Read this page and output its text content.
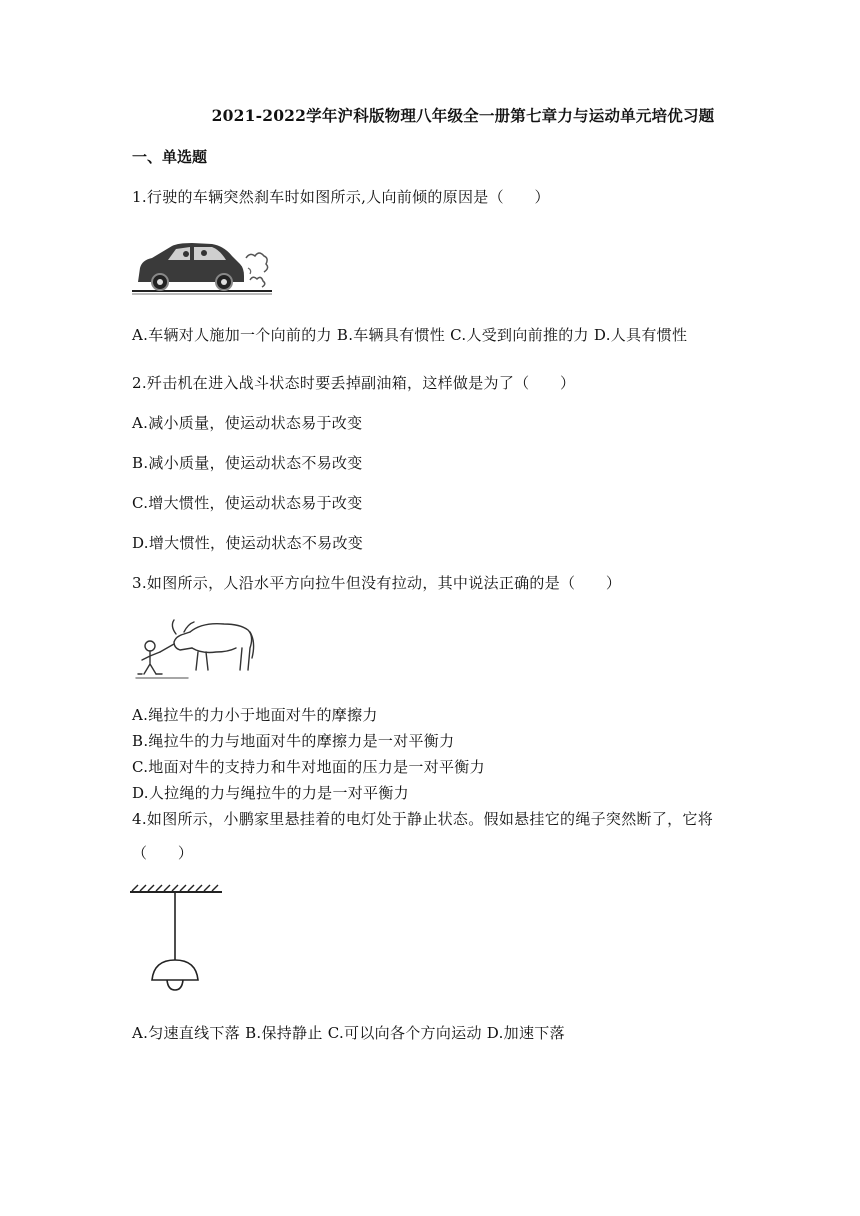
2021-2022学年沪科版物理八年级全一册第七章力与运动单元培优习题
一、单选题
1.行驶的车辆突然刹车时如图所示,人向前倾的原因是（　　）
A.车辆对人施加一个向前的力 B.车辆具有惯性 C.人受到向前推的力 D.人具有惯性
2.歼击机在进入战斗状态时要丢掉副油箱，这样做是为了（　　）
A.减小质量，使运动状态易于改变
B.减小质量，使运动状态不易改变
C.增大惯性，使运动状态易于改变
D.增大惯性，使运动状态不易改变
3.如图所示，人沿水平方向拉牛但没有拉动，其中说法正确的是（　　）
A.绳拉牛的力小于地面对牛的摩擦力
B.绳拉牛的力与地面对牛的摩擦力是一对平衡力
C.地面对牛的支持力和牛对地面的压力是一对平衡力
D.人拉绳的力与绳拉牛的力是一对平衡力
4.如图所示，小鹏家里悬挂着的电灯处于静止状态。假如悬挂它的绳子突然断了，它将
（　　）
A.匀速直线下落 B.保持静止 C.可以向各个方向运动 D.加速下落
